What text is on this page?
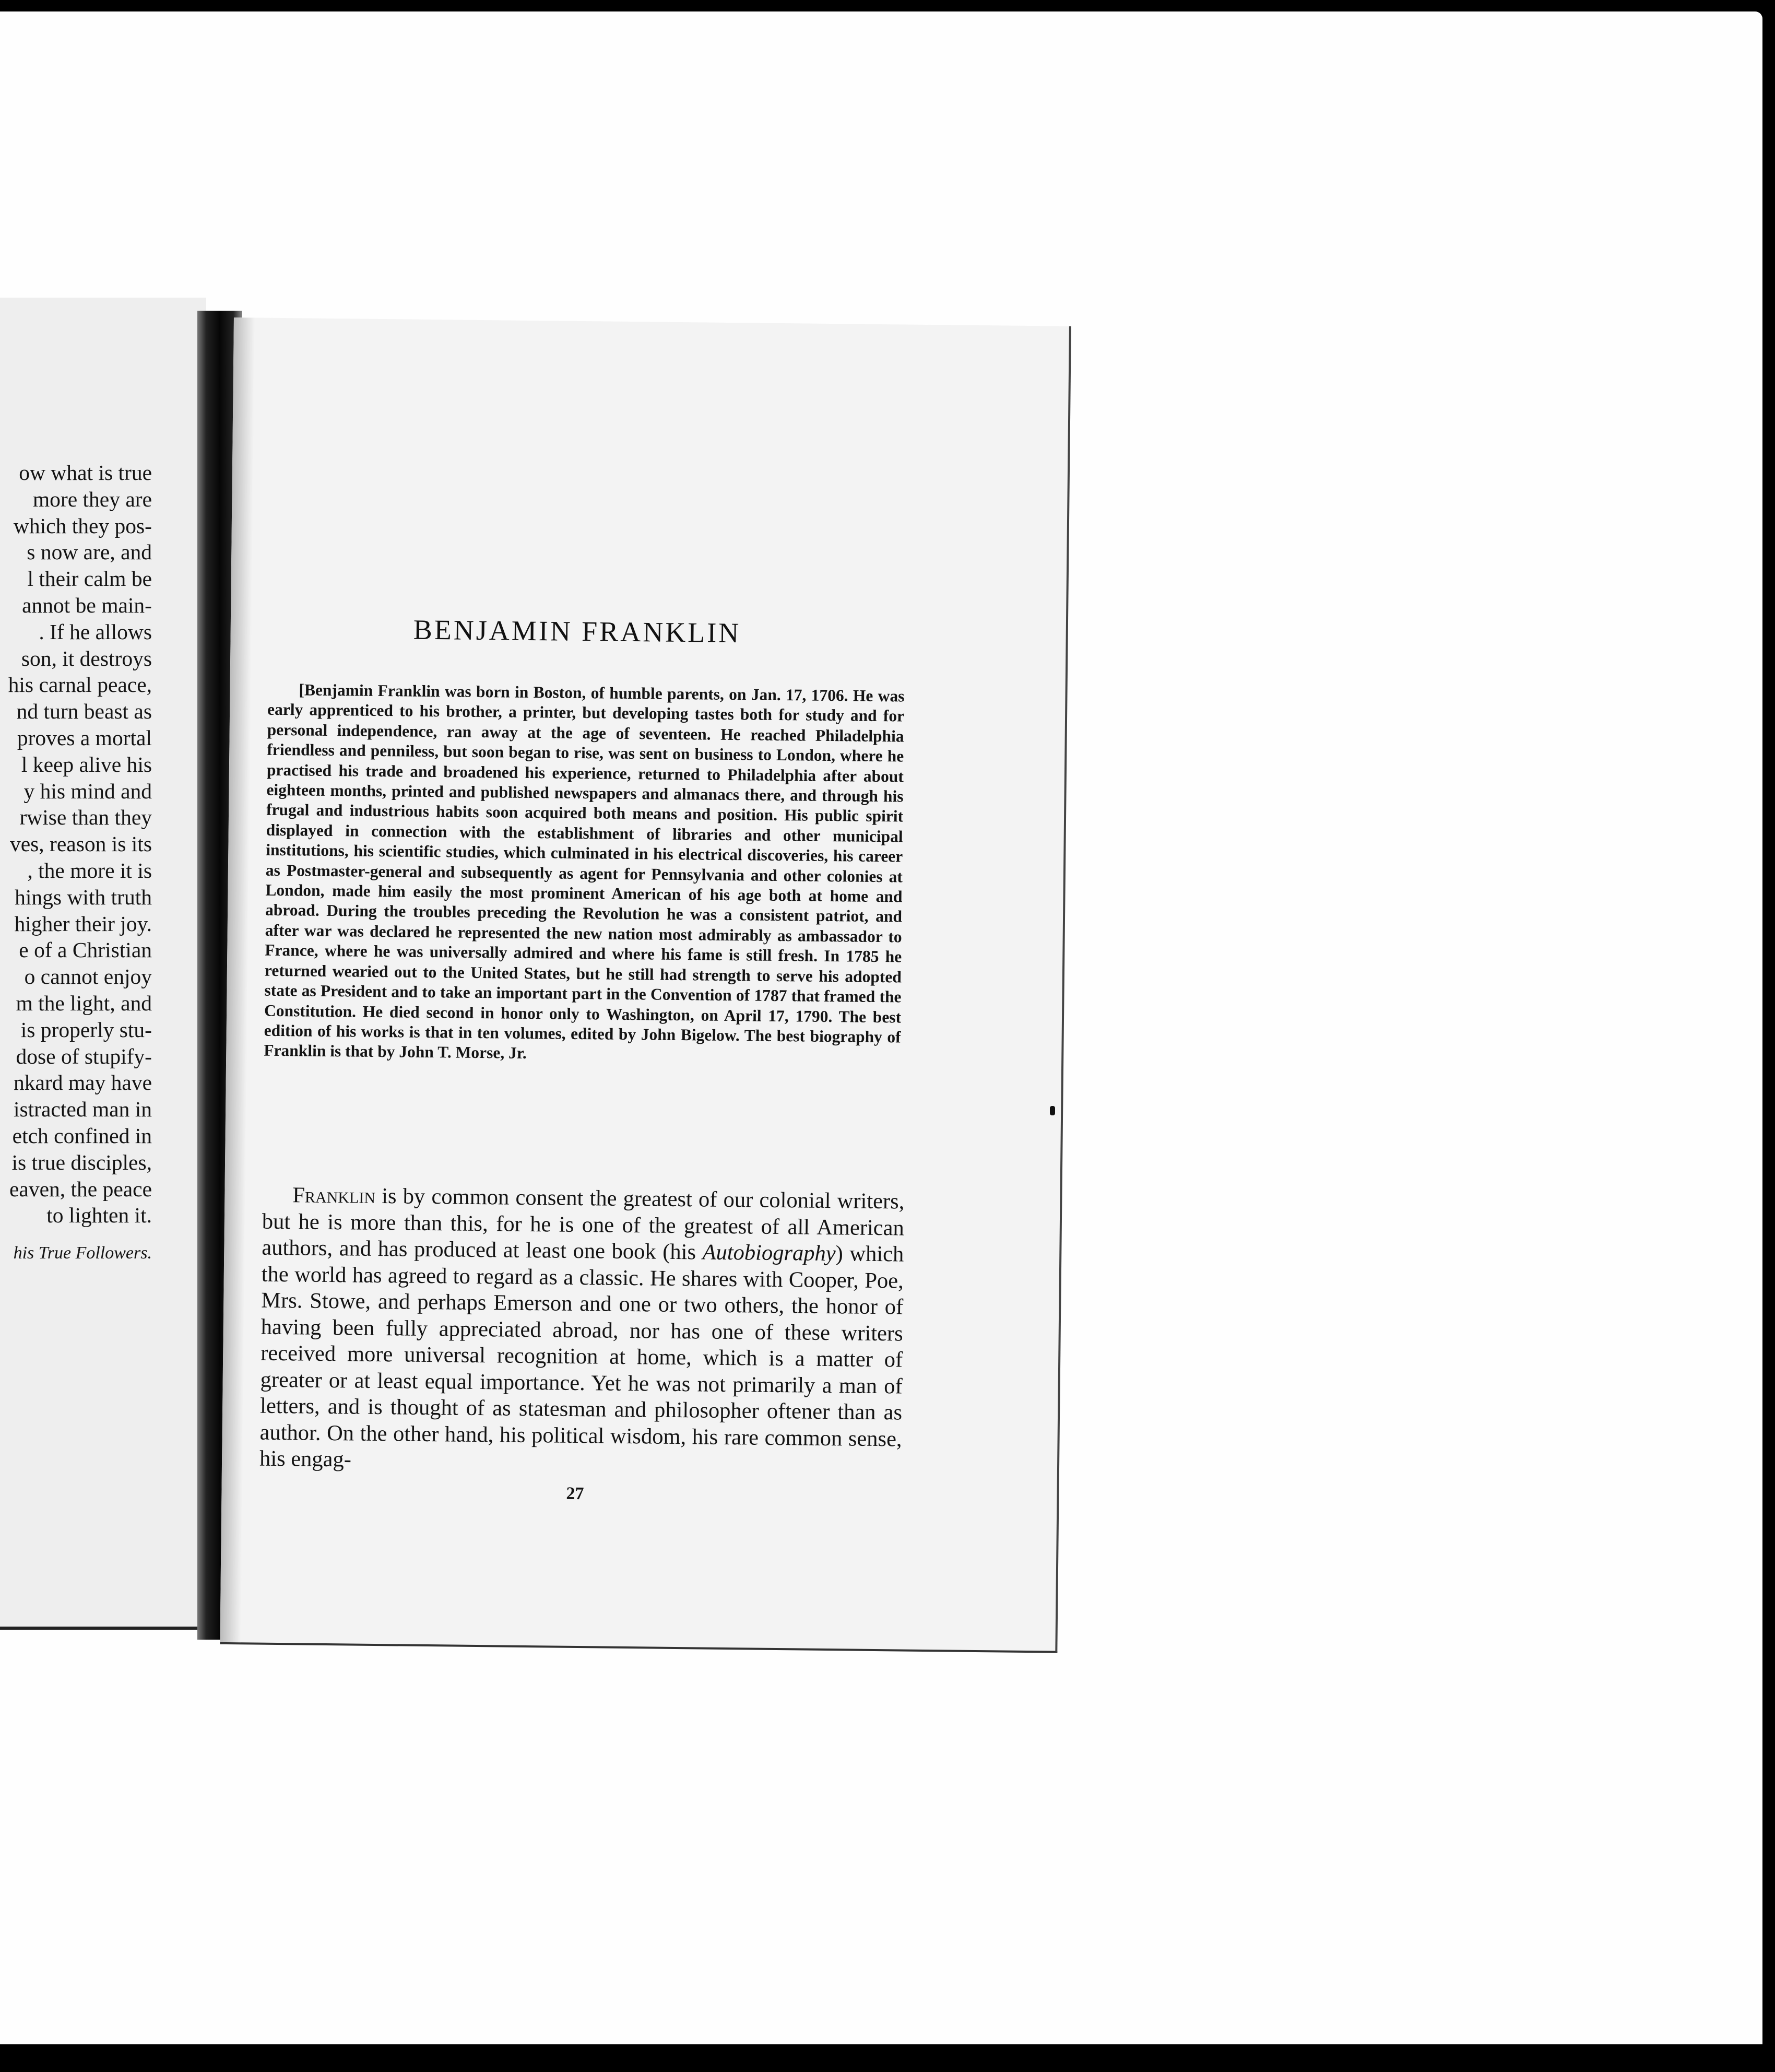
ow what is true
more they are
which they pos-
s now are, and
l their calm be
annot be main-
. If he allows
son, it destroys
his carnal peace,
nd turn beast as
proves a mortal
l keep alive his
y his mind and
rwise than they
ves, reason is its
, the more it is
hings with truth
higher their joy.
e of a Christian
o cannot enjoy
m the light, and
is properly stu-
dose of stupify-
nkard may have
istracted man in
etch confined in
is true disciples,
eaven, the peace
to lighten it.
his True Followers.
BENJAMIN FRANKLIN

[Benjamin Franklin was born in Boston, of humble parents, on Jan. 17, 1706. He was early apprenticed to his brother, a printer, but developing tastes both for study and for personal independence, ran away at the age of seventeen. He reached Philadelphia friendless and penniless, but soon began to rise, was sent on business to London, where he practised his trade and broadened his experience, returned to Philadelphia after about eighteen months, printed and published newspapers and almanacs there, and through his frugal and industrious habits soon acquired both means and position. His public spirit displayed in connection with the establishment of libraries and other municipal institutions, his scientific studies, which culminated in his electrical discoveries, his career as Postmaster-general and subsequently as agent for Pennsylvania and other colonies at London, made him easily the most prominent American of his age both at home and abroad. During the troubles preceding the Revolution he was a consistent patriot, and after war was declared he represented the new nation most admirably as ambassador to France, where he was universally admired and where his fame is still fresh. In 1785 he returned wearied out to the United States, but he still had strength to serve his adopted state as President and to take an important part in the Convention of 1787 that framed the Constitution. He died second in honor only to Washington, on April 17, 1790. The best edition of his works is that in ten volumes, edited by John Bigelow. The best biography of Franklin is that by John T. Morse, Jr.

Franklin is by common consent the greatest of our colonial writers, but he is more than this, for he is one of the greatest of all American authors, and has produced at least one book (his Autobiography) which the world has agreed to regard as a classic. He shares with Cooper, Poe, Mrs. Stowe, and perhaps Emerson and one or two others, the honor of having been fully appreciated abroad, nor has one of these writers received more universal recognition at home, which is a matter of greater or at least equal importance. Yet he was not primarily a man of letters, and is thought of as statesman and philosopher oftener than as author. On the other hand, his political wisdom, his rare common sense, his engag-

27
